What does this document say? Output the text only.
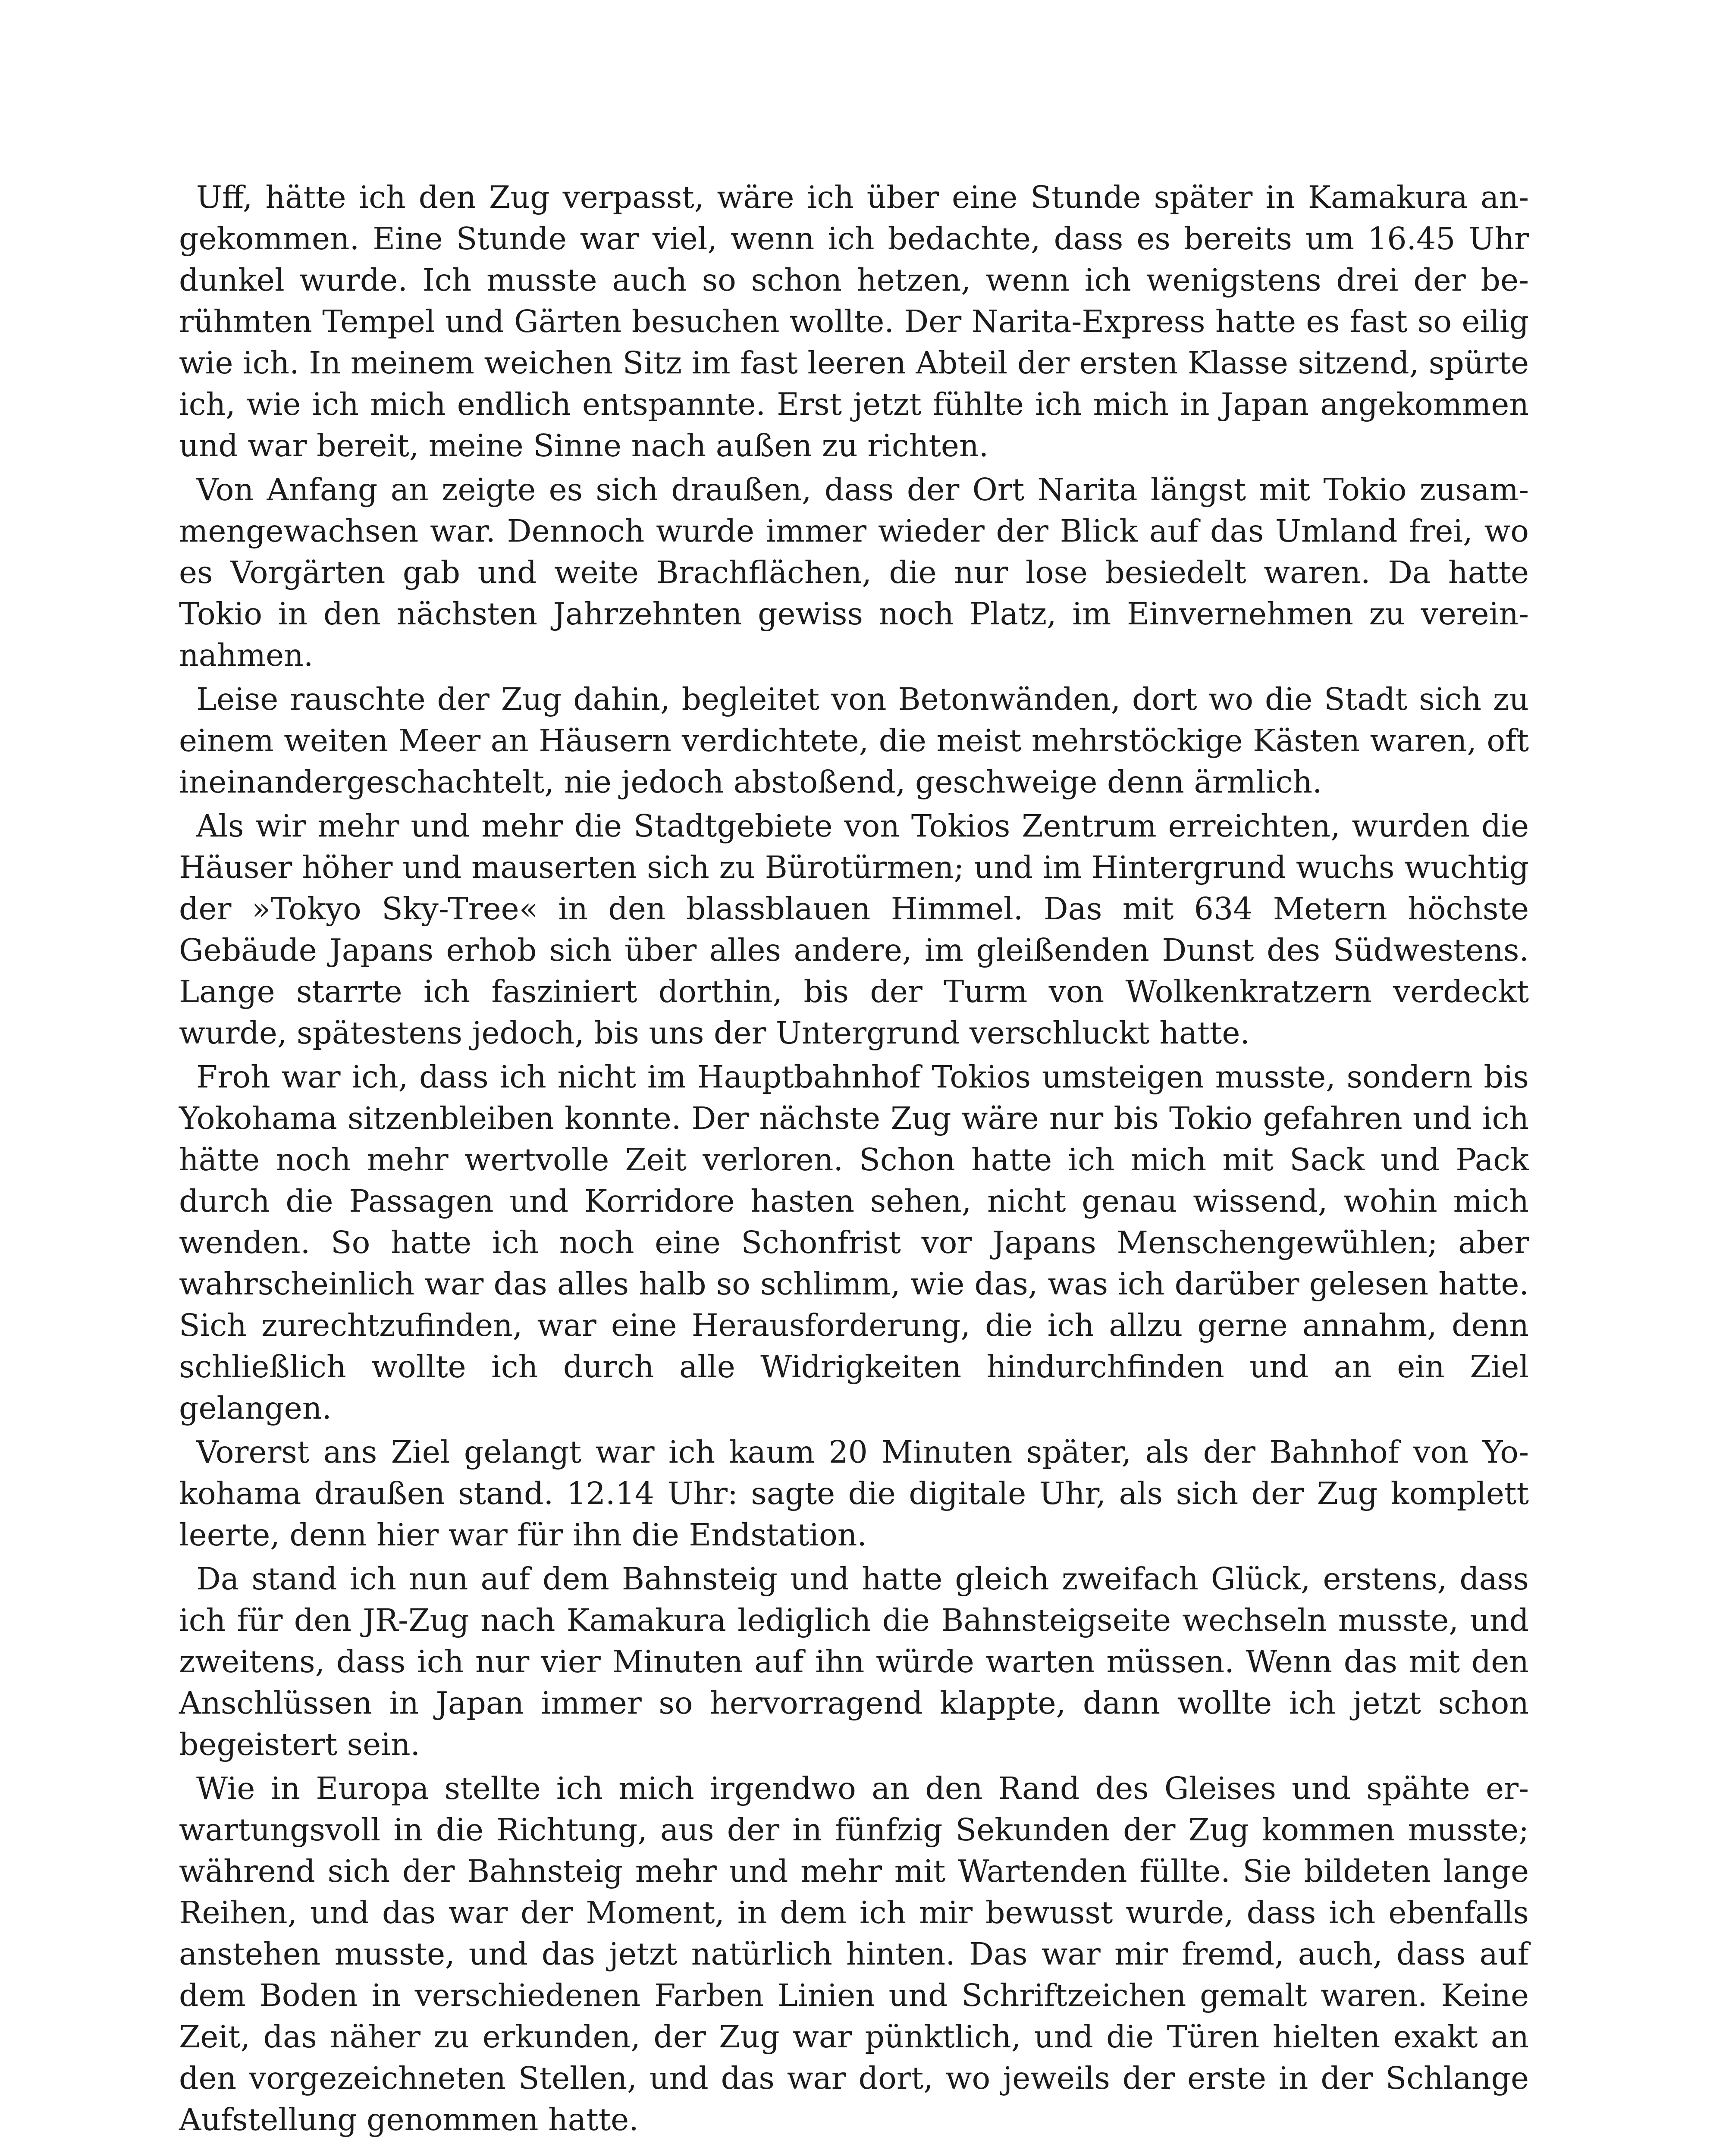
Uff, hätte ich den Zug verpasst, wäre ich über eine Stunde später in Kamakura angekommen. Eine Stunde war viel, wenn ich bedachte, dass es bereits um 16.45 Uhr dunkel wurde. Ich musste auch so schon hetzen, wenn ich wenigstens drei der berühmten Tempel und Gärten besuchen wollte. Der Narita-Express hatte es fast so eilig wie ich. In meinem weichen Sitz im fast leeren Abteil der ersten Klasse sitzend, spürte ich, wie ich mich endlich entspannte. Erst jetzt fühlte ich mich in Japan angekommen und war bereit, meine Sinne nach außen zu richten.

Von Anfang an zeigte es sich draußen, dass der Ort Narita längst mit Tokio zusammengewachsen war. Dennoch wurde immer wieder der Blick auf das Umland frei, wo es Vorgärten gab und weite Brachflächen, die nur lose besiedelt waren. Da hatte Tokio in den nächsten Jahrzehnten gewiss noch Platz, im Einvernehmen zu vereinnahmen.

Leise rauschte der Zug dahin, begleitet von Betonwänden, dort wo die Stadt sich zu einem weiten Meer an Häusern verdichtete, die meist mehrstöckige Kästen waren, oft ineinandergeschachtelt, nie jedoch abstoßend, geschweige denn ärmlich.

Als wir mehr und mehr die Stadtgebiete von Tokios Zentrum erreichten, wurden die Häuser höher und mauserten sich zu Bürotürmen; und im Hintergrund wuchs wuchtig der »Tokyo Sky-Tree« in den blassblauen Himmel. Das mit 634 Metern höchste Gebäude Japans erhob sich über alles andere, im gleißenden Dunst des Südwestens. Lange starrte ich fasziniert dorthin, bis der Turm von Wolkenkratzern verdeckt wurde, spätestens jedoch, bis uns der Untergrund verschluckt hatte.

Froh war ich, dass ich nicht im Hauptbahnhof Tokios umsteigen musste, sondern bis Yokohama sitzenbleiben konnte. Der nächste Zug wäre nur bis Tokio gefahren und ich hätte noch mehr wertvolle Zeit verloren. Schon hatte ich mich mit Sack und Pack durch die Passagen und Korridore hasten sehen, nicht genau wissend, wohin mich wenden. So hatte ich noch eine Schonfrist vor Japans Menschengewühlen; aber wahrscheinlich war das alles halb so schlimm, wie das, was ich darüber gelesen hatte. Sich zurechtzufinden, war eine Herausforderung, die ich allzu gerne annahm, denn schließlich wollte ich durch alle Widrigkeiten hindurchfinden und an ein Ziel gelangen.

Vorerst ans Ziel gelangt war ich kaum 20 Minuten später, als der Bahnhof von Yokohama draußen stand. 12.14 Uhr: sagte die digitale Uhr, als sich der Zug komplett leerte, denn hier war für ihn die Endstation.

Da stand ich nun auf dem Bahnsteig und hatte gleich zweifach Glück, erstens, dass ich für den JR-Zug nach Kamakura lediglich die Bahnsteigseite wechseln musste, und zweitens, dass ich nur vier Minuten auf ihn würde warten müssen. Wenn das mit den Anschlüssen in Japan immer so hervorragend klappte, dann wollte ich jetzt schon begeistert sein.

Wie in Europa stellte ich mich irgendwo an den Rand des Gleises und spähte erwartungsvoll in die Richtung, aus der in fünfzig Sekunden der Zug kommen musste; während sich der Bahnsteig mehr und mehr mit Wartenden füllte. Sie bildeten lange Reihen, und das war der Moment, in dem ich mir bewusst wurde, dass ich ebenfalls anstehen musste, und das jetzt natürlich hinten. Das war mir fremd, auch, dass auf dem Boden in verschiedenen Farben Linien und Schriftzeichen gemalt waren. Keine Zeit, das näher zu erkunden, der Zug war pünktlich, und die Türen hielten exakt an den vorgezeichneten Stellen, und das war dort, wo jeweils der erste in der Schlange Aufstellung genommen hatte.
